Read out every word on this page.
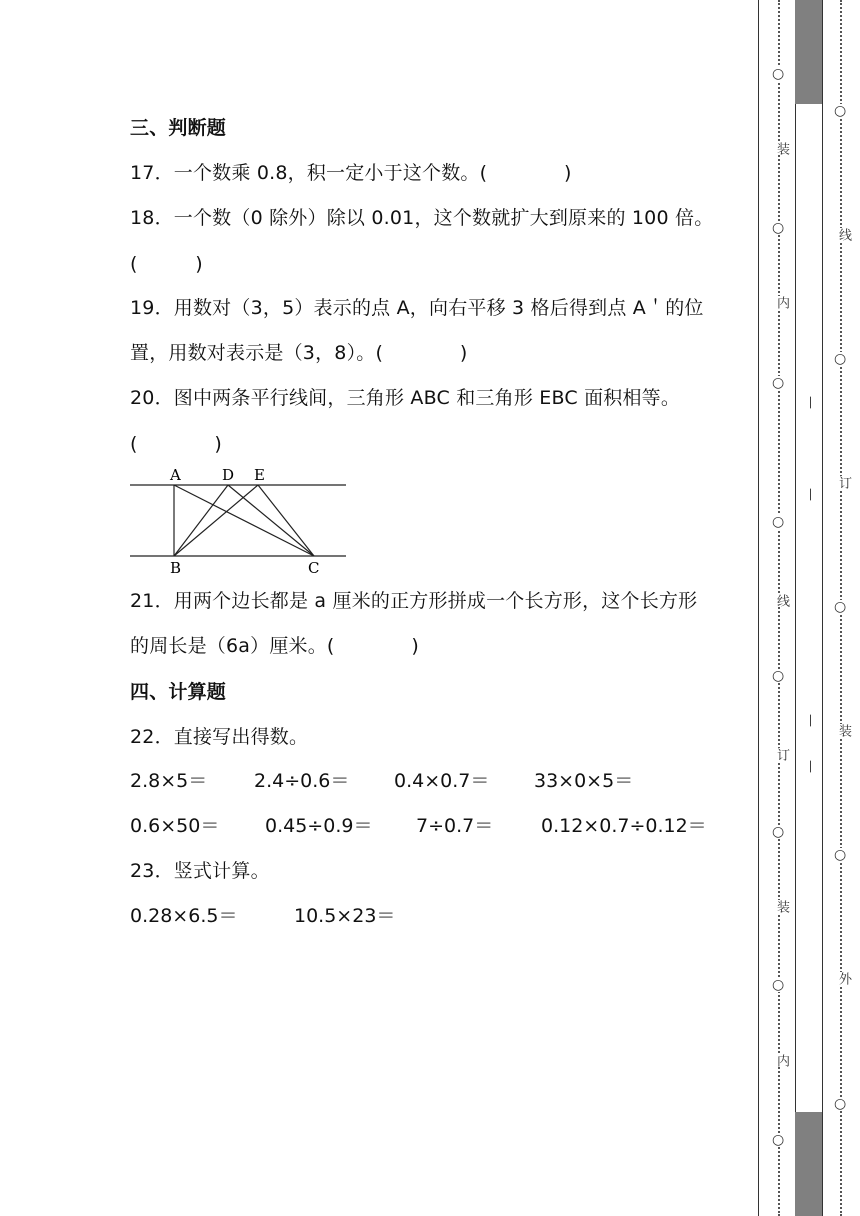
三、判断题
17．一个数乘 0.8，积一定小于这个数。(　　　　)
18．一个数（0 除外）除以 0.01，这个数就扩大到原来的 100 倍。
(　　　)
19．用数对（3，5）表示的点 A，向右平移 3 格后得到点 A＇的位
置，用数对表示是（3，8）。(　　　　)
20．图中两条平行线间，三角形 ABC 和三角形 EBC 面积相等。
(　　　　)
A	D E
B	C
21．用两个边长都是 a 厘米的正方形拼成一个长方形，这个长方形
的周长是（6a）厘米。(　　　　)
四、计算题
22．直接写出得数。
2.8×5＝ 2.4÷0.6＝ 0.4×0.7＝ 33×0×5＝
0.6×50＝ 0.45÷0.9＝ 7÷0.7＝	0.12×0.7÷0.12＝
23．竖式计算。
0.28×6.5＝	10.5×23＝
○
○
○
○
○
○
○
○
装
内
线
订
装
内
—
—
—
—
○
○
○
○
○
线
订
装
外
